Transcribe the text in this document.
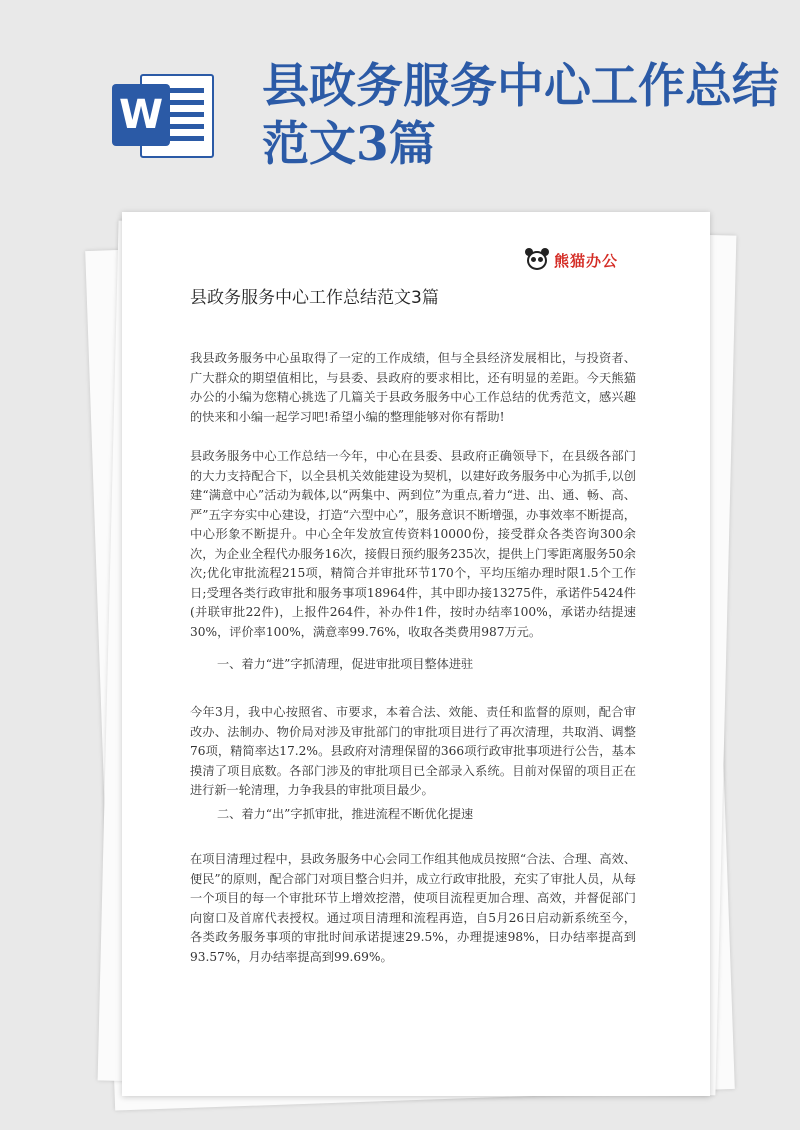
W
县政务服务中心工作总结范文3篇
熊猫办公
县政务服务中心工作总结范文3篇

我县政务服务中心虽取得了一定的工作成绩，但与全县经济发展相比，与投资者、广大群众的期望值相比，与县委、县政府的要求相比，还有明显的差距。今天熊猫办公的小编为您精心挑选了几篇关于县政务服务中心工作总结的优秀范文，感兴趣的快来和小编一起学习吧!希望小编的整理能够对你有帮助!

县政务服务中心工作总结一今年，中心在县委、县政府正确领导下，在县级各部门的大力支持配合下，以全县机关效能建设为契机，以建好政务服务中心为抓手,以创建“满意中心”活动为载体,以“两集中、两到位”为重点,着力“进、出、通、畅、高、严”五字夯实中心建设，打造“六型中心”，服务意识不断增强，办事效率不断提高，中心形象不断提升。中心全年发放宣传资料10000份，接受群众各类咨询300余次，为企业全程代办服务16次，接假日预约服务235次，提供上门零距离服务50余次;优化审批流程215项，精简合并审批环节170个，平均压缩办理时限1.5个工作日;受理各类行政审批和服务事项18964件，其中即办接13275件，承诺件5424件(并联审批22件)，上报件264件，补办件1件，按时办结率100%，承诺办结提速30%，评价率100%，满意率99.76%，收取各类费用987万元。

一、着力“进”字抓清理，促进审批项目整体进驻

今年3月，我中心按照省、市要求，本着合法、效能、责任和监督的原则，配合审改办、法制办、物价局对涉及审批部门的审批项目进行了再次清理，共取消、调整76项，精简率达17.2%。县政府对清理保留的366项行政审批事项进行公告，基本摸清了项目底数。各部门涉及的审批项目已全部录入系统。目前对保留的项目正在进行新一轮清理，力争我县的审批项目最少。

二、着力“出”字抓审批，推进流程不断优化提速

在项目清理过程中，县政务服务中心会同工作组其他成员按照“合法、合理、高效、便民”的原则，配合部门对项目整合归并，成立行政审批股，充实了审批人员，从每一个项目的每一个审批环节上增效挖潜，使项目流程更加合理、高效，并督促部门向窗口及首席代表授权。通过项目清理和流程再造，自5月26日启动新系统至今，各类政务服务事项的审批时间承诺提速29.5%，办理提速98%，日办结率提高到93.57%，月办结率提高到99.69%。
